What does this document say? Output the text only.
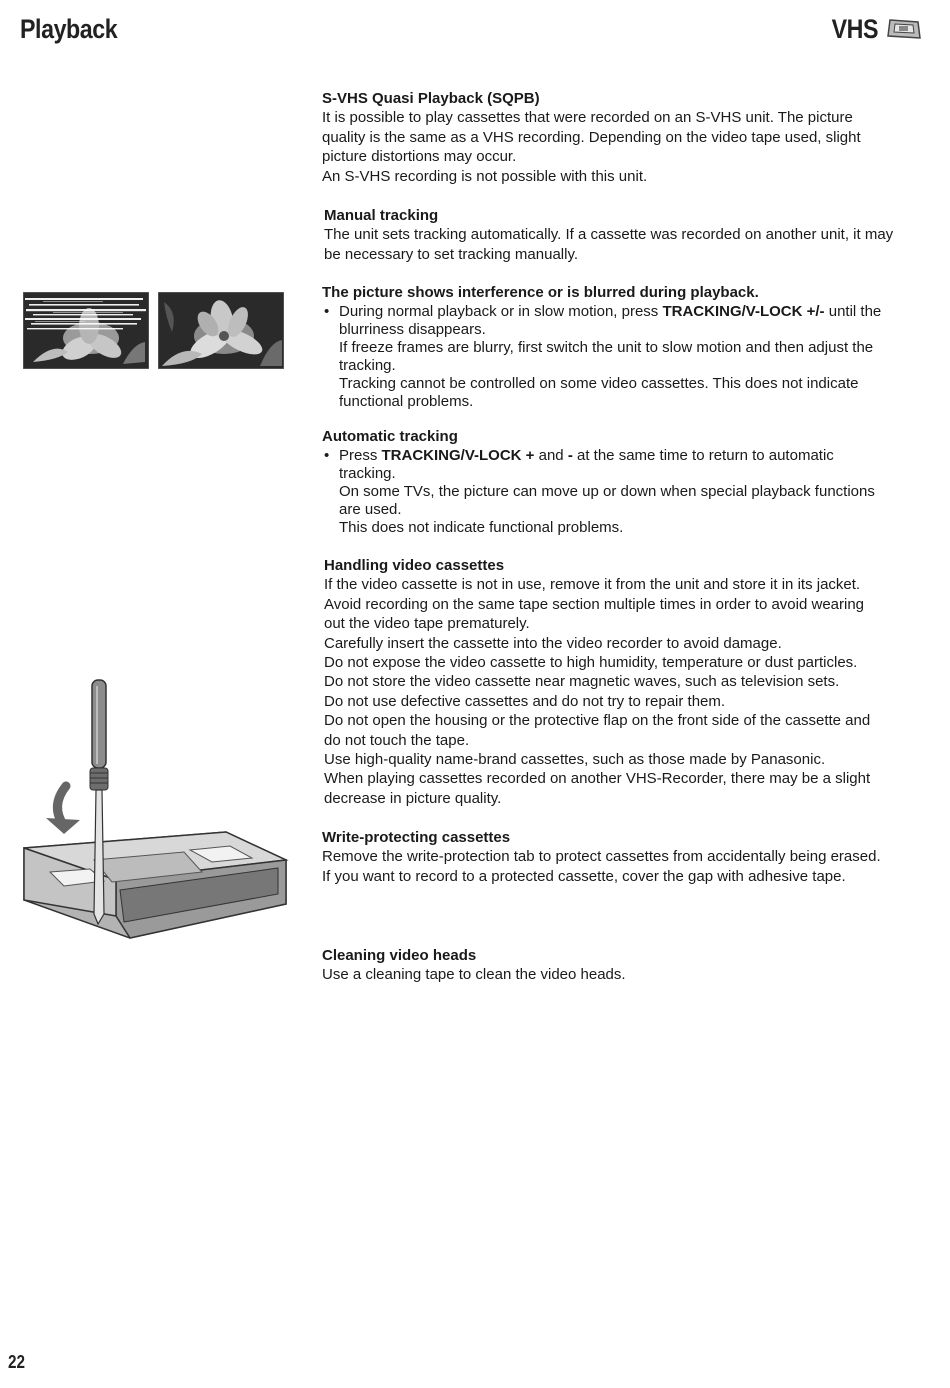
Playback	VHS
S-VHS Quasi Playback (SQPB)

It is possible to play cassettes that were recorded on an S-VHS unit. The picture

quality is the same as a VHS recording. Depending on the video tape used, slight

picture distortions may occur.

An S-VHS recording is not possible with this unit.

Manual tracking

The unit sets tracking automatically. If a cassette was recorded on another unit, it may

be necessary to set tracking manually.

The picture shows interference or is blurred during playback.
• During normal playback or in slow motion, press TRACKING/V-LOCK +/- until the
blurriness disappears.
If freeze frames are blurry, first switch the unit to slow motion and then adjust the
tracking.
Tracking cannot be controlled on some video cassettes. This does not indicate
functional problems.
Automatic tracking
• Press TRACKING/V-LOCK + and - at the same time to return to automatic
tracking.
On some TVs, the picture can move up or down when special playback functions
are used.
This does not indicate functional problems.
Handling video cassettes

If the video cassette is not in use, remove it from the unit and store it in its jacket.

Avoid recording on the same tape section multiple times in order to avoid wearing

out the video tape prematurely.

Carefully insert the cassette into the video recorder to avoid damage.

Do not expose the video cassette to high humidity, temperature or dust particles.

Do not store the video cassette near magnetic waves, such as television sets.

Do not use defective cassettes and do not try to repair them.

Do not open the housing or the protective flap on the front side of the cassette and

do not touch the tape.

Use high-quality name-brand cassettes, such as those made by Panasonic.

When playing cassettes recorded on another VHS-Recorder, there may be a slight

decrease in picture quality.

Write-protecting cassettes

Remove the write-protection tab to protect cassettes from accidentally being erased.

If you want to record to a protected cassette, cover the gap with adhesive tape.

Cleaning video heads

Use a cleaning tape to clean the video heads.

22
